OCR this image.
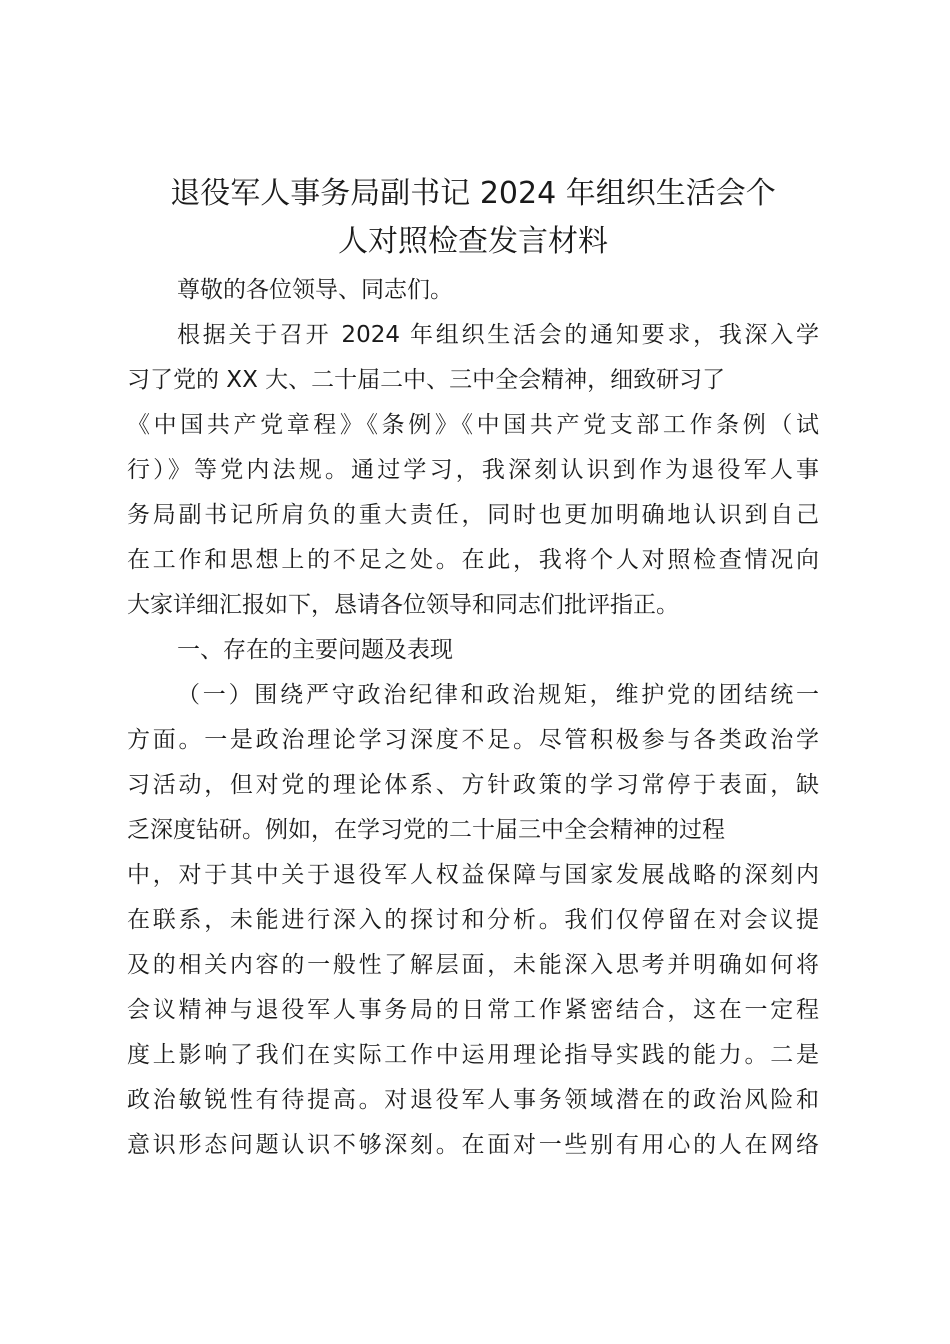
退役军人事务局副书记 2024 年组织生活会个
人对照检查发言材料

尊敬的各位领导、同志们。

根据关于召开 2024 年组织生活会的通知要求，我深入学
习了党的 XX 大、二十届二中、三中全会精神，细致研习了
《中国共产党章程》《条例》《中国共产党支部工作条例（试
行）》等党内法规。通过学习，我深刻认识到作为退役军人事
务局副书记所肩负的重大责任，同时也更加明确地认识到自己
在工作和思想上的不足之处。在此，我将个人对照检查情况向
大家详细汇报如下，恳请各位领导和同志们批评指正。

一、存在的主要问题及表现

（一）围绕严守政治纪律和政治规矩，维护党的团结统一
方面。一是政治理论学习深度不足。尽管积极参与各类政治学
习活动，但对党的理论体系、方针政策的学习常停于表面，缺
乏深度钻研。例如，在学习党的二十届三中全会精神的过程
中，对于其中关于退役军人权益保障与国家发展战略的深刻内
在联系，未能进行深入的探讨和分析。我们仅停留在对会议提
及的相关内容的一般性了解层面，未能深入思考并明确如何将
会议精神与退役军人事务局的日常工作紧密结合，这在一定程
度上影响了我们在实际工作中运用理论指导实践的能力。二是
政治敏锐性有待提高。对退役军人事务领域潜在的政治风险和
意识形态问题认识不够深刻。在面对一些别有用心的人在网络
